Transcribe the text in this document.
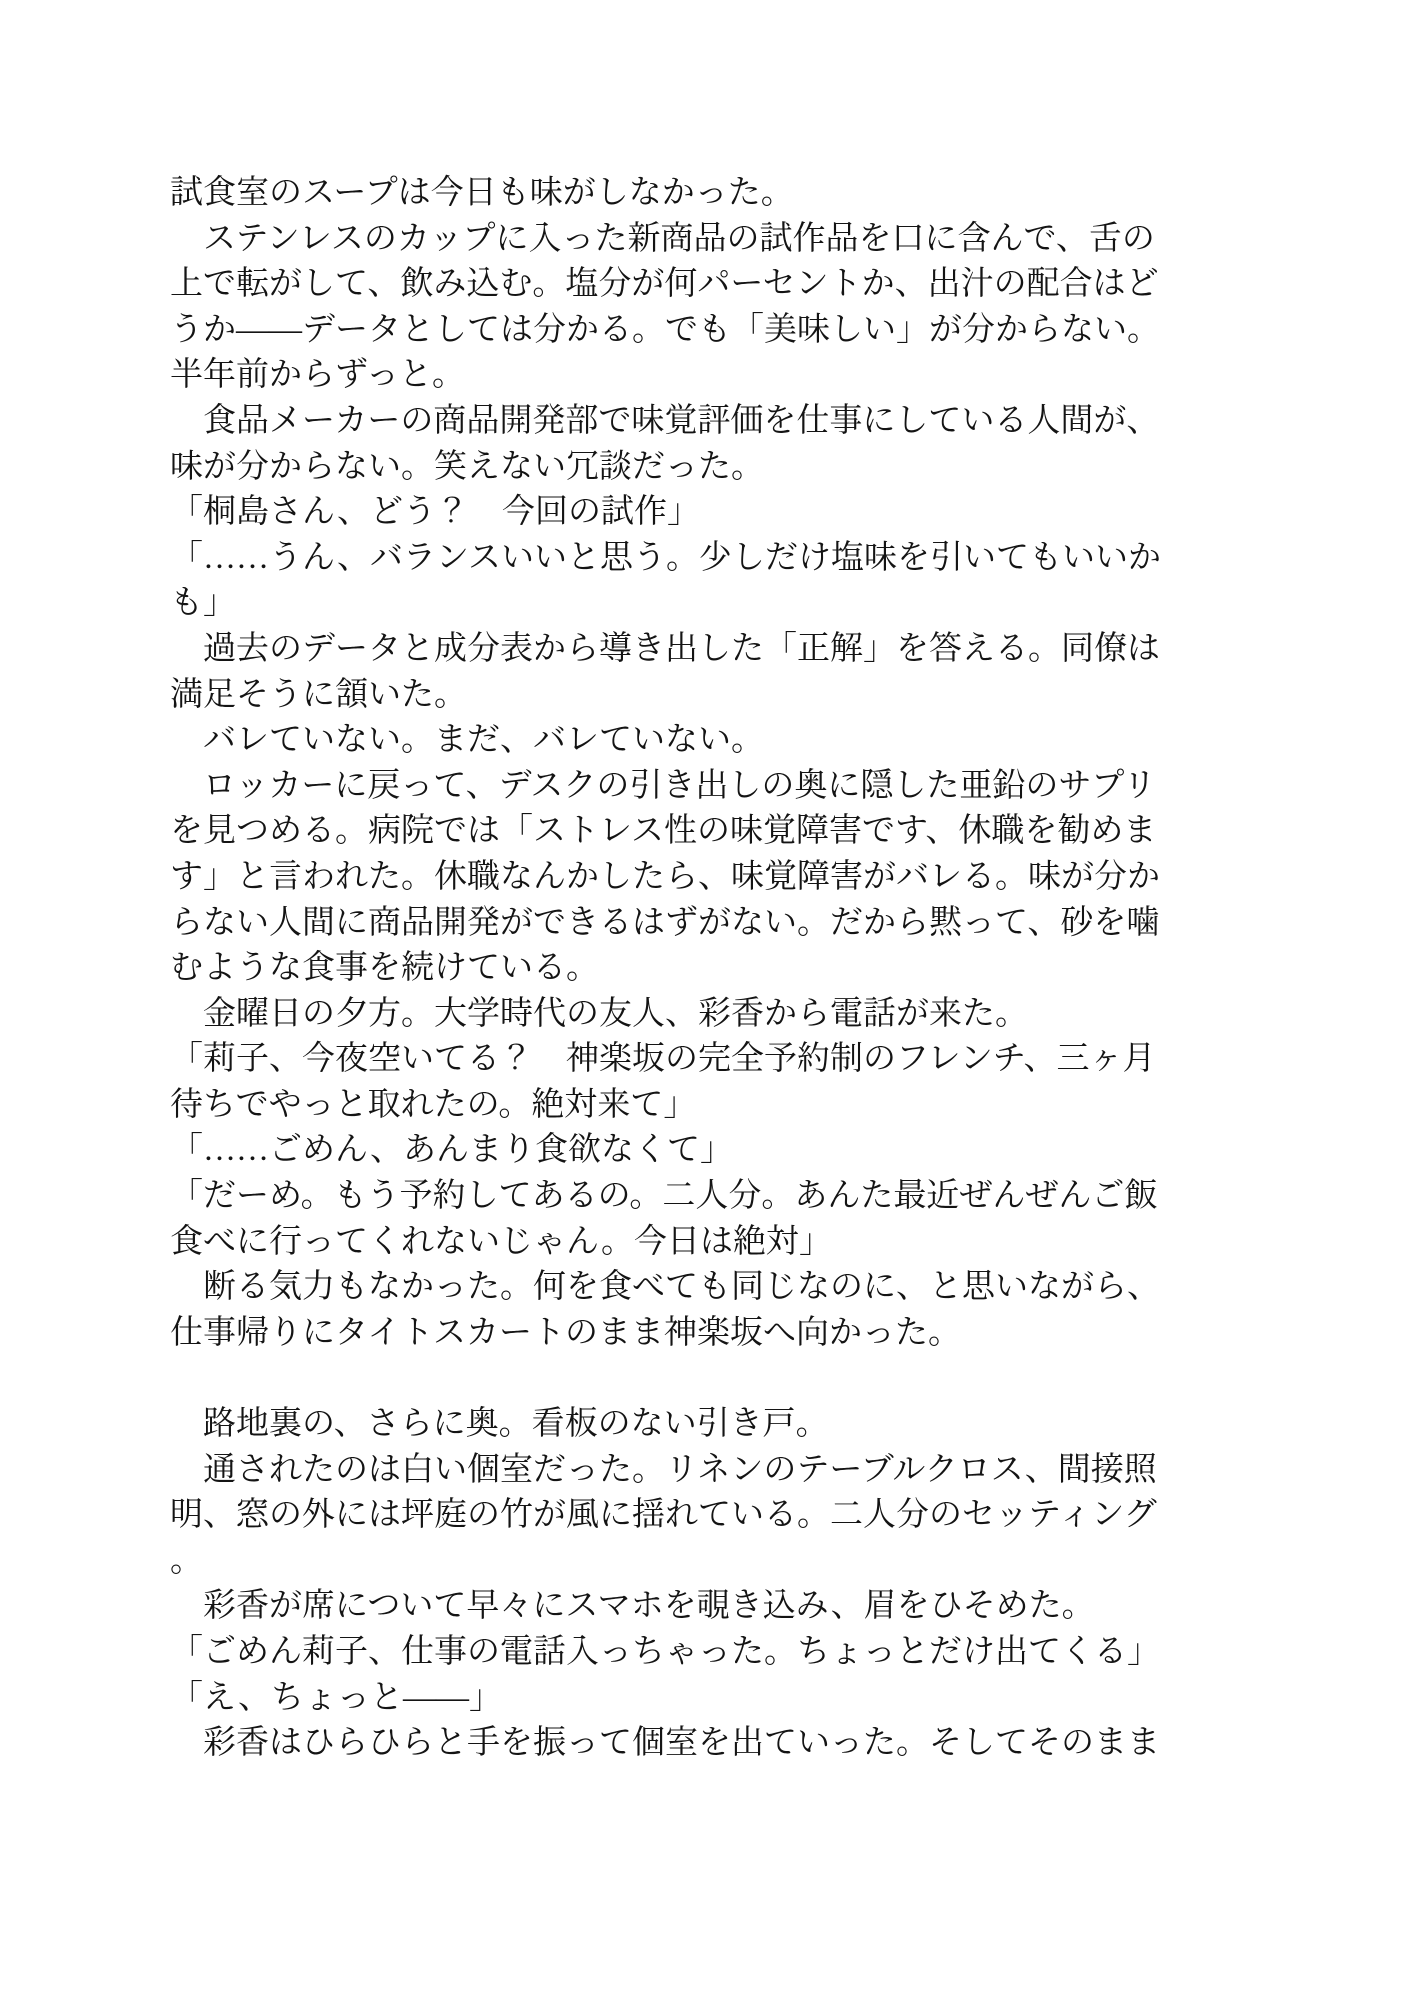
試食室のスープは今日も味がしなかった。
　ステンレスのカップに入った新商品の試作品を口に含んで、舌の
上で転がして、飲み込む。塩分が何パーセントか、出汁の配合はど
うか——データとしては分かる。でも「美味しい」が分からない。
半年前からずっと。
　食品メーカーの商品開発部で味覚評価を仕事にしている人間が、
味が分からない。笑えない冗談だった。
「桐島さん、どう？　今回の試作」
「……うん、バランスいいと思う。少しだけ塩味を引いてもいいか
も」
　過去のデータと成分表から導き出した「正解」を答える。同僚は
満足そうに頷いた。
　バレていない。まだ、バレていない。
　ロッカーに戻って、デスクの引き出しの奥に隠した亜鉛のサプリ
を見つめる。病院では「ストレス性の味覚障害です、休職を勧めま
す」と言われた。休職なんかしたら、味覚障害がバレる。味が分か
らない人間に商品開発ができるはずがない。だから黙って、砂を噛
むような食事を続けている。
　金曜日の夕方。大学時代の友人、彩香から電話が来た。
「莉子、今夜空いてる？　神楽坂の完全予約制のフレンチ、三ヶ月
待ちでやっと取れたの。絶対来て」
「……ごめん、あんまり食欲なくて」
「だーめ。もう予約してあるの。二人分。あんた最近ぜんぜんご飯
食べに行ってくれないじゃん。今日は絶対」
　断る気力もなかった。何を食べても同じなのに、と思いながら、
仕事帰りにタイトスカートのまま神楽坂へ向かった。
　路地裏の、さらに奥。看板のない引き戸。
　通されたのは白い個室だった。リネンのテーブルクロス、間接照
明、窓の外には坪庭の竹が風に揺れている。二人分のセッティング
。
　彩香が席について早々にスマホを覗き込み、眉をひそめた。
「ごめん莉子、仕事の電話入っちゃった。ちょっとだけ出てくる」
「え、ちょっと——」
　彩香はひらひらと手を振って個室を出ていった。そしてそのまま
